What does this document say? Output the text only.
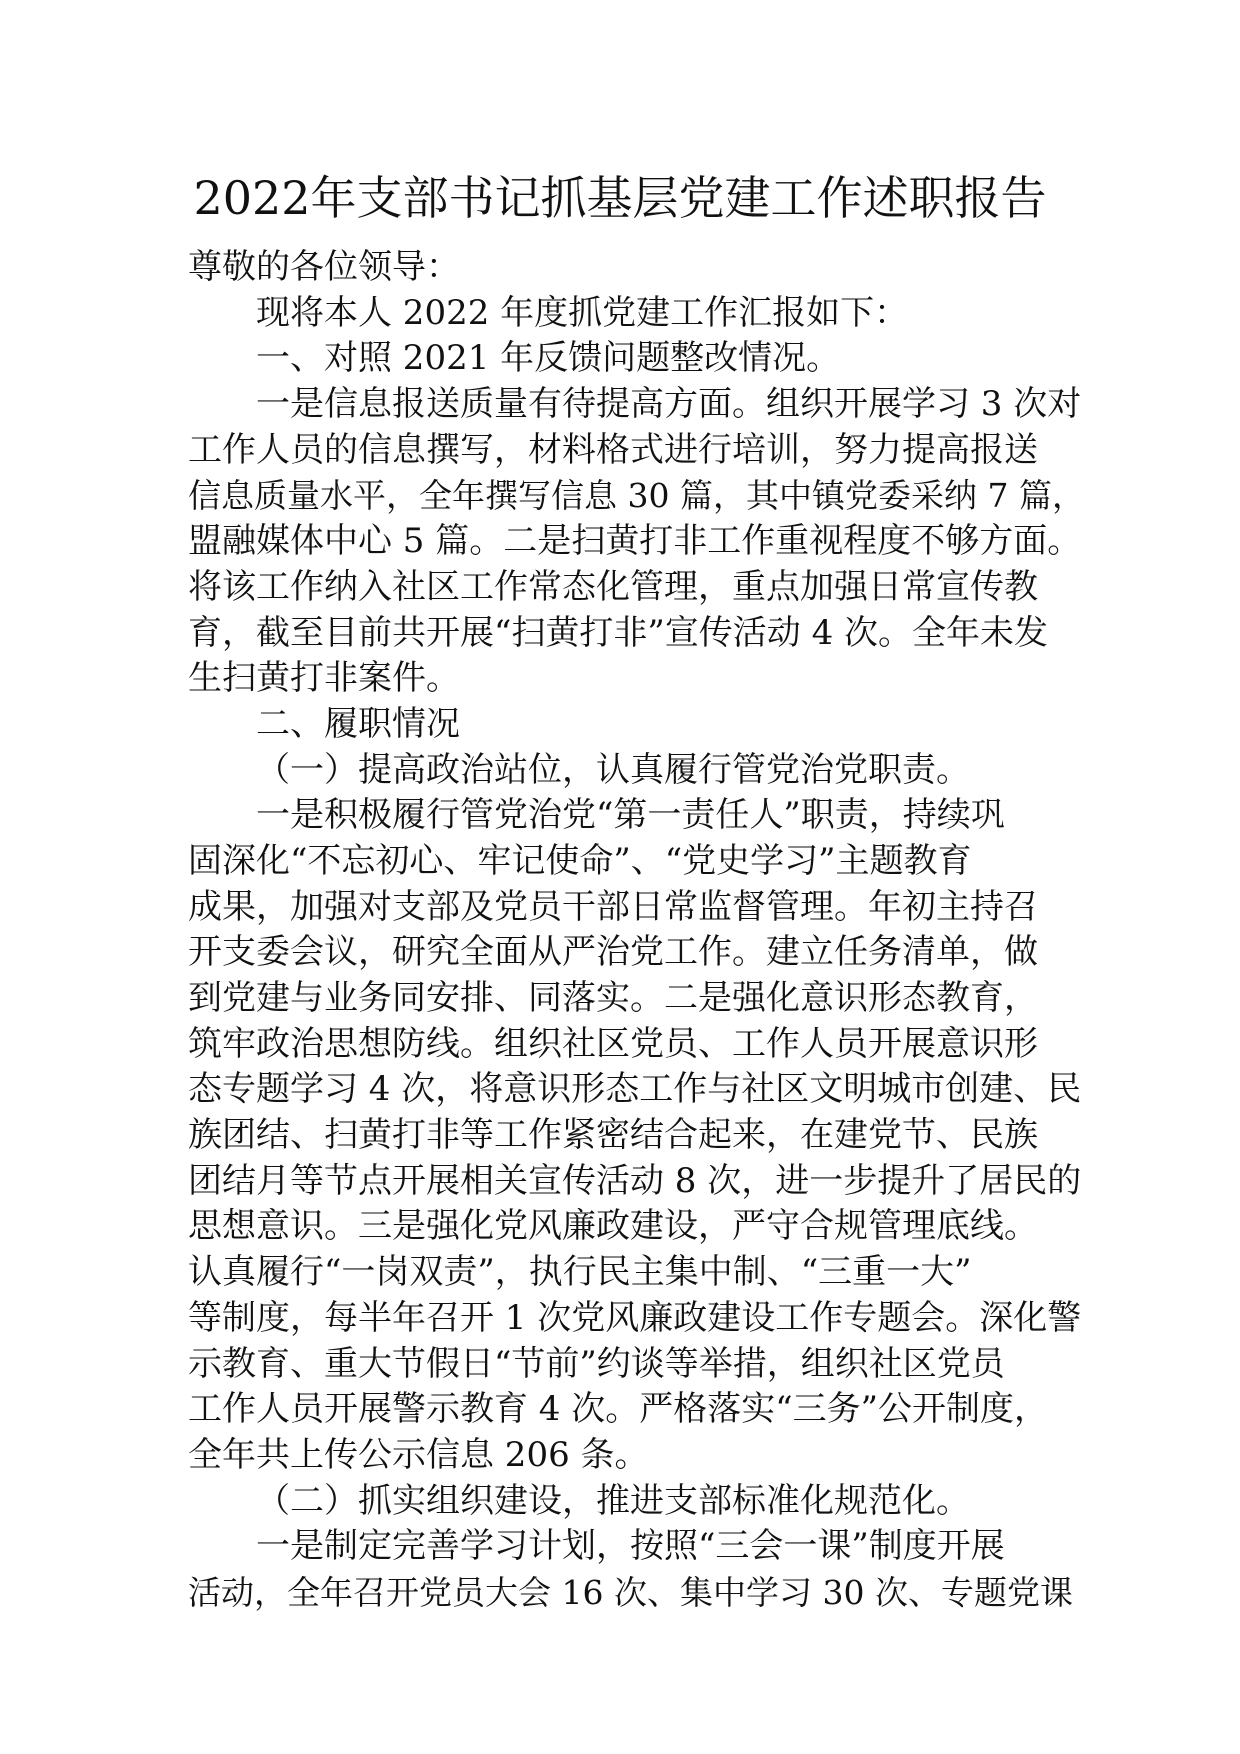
2022年支部书记抓基层党建工作述职报告
尊敬的各位领导：
现将本人 2022 年度抓党建工作汇报如下：
一、对照 2021 年反馈问题整改情况。
一是信息报送质量有待提高方面。组织开展学习 3 次对
工作人员的信息撰写，材料格式进行培训，努力提高报送
信息质量水平，全年撰写信息 30 篇，其中镇党委采纳 7 篇，
盟融媒体中心 5 篇。二是扫黄打非工作重视程度不够方面。
将该工作纳入社区工作常态化管理，重点加强日常宣传教
育，截至目前共开展“扫黄打非”宣传活动 4 次。全年未发
生扫黄打非案件。
二、履职情况
（一）提高政治站位，认真履行管党治党职责。
一是积极履行管党治党“第一责任人”职责，持续巩
固深化“不忘初心、牢记使命”、“党史学习”主题教育
成果，加强对支部及党员干部日常监督管理。年初主持召
开支委会议，研究全面从严治党工作。建立任务清单，做
到党建与业务同安排、同落实。二是强化意识形态教育，
筑牢政治思想防线。组织社区党员、工作人员开展意识形
态专题学习 4 次，将意识形态工作与社区文明城市创建、民
族团结、扫黄打非等工作紧密结合起来，在建党节、民族
团结月等节点开展相关宣传活动 8 次，进一步提升了居民的
思想意识。三是强化党风廉政建设，严守合规管理底线。
认真履行“一岗双责”，执行民主集中制、“三重一大”
等制度，每半年召开 1 次党风廉政建设工作专题会。深化警
示教育、重大节假日“节前”约谈等举措，组织社区党员
工作人员开展警示教育 4 次。严格落实“三务”公开制度，
全年共上传公示信息 206 条。
（二）抓实组织建设，推进支部标准化规范化。
一是制定完善学习计划，按照“三会一课”制度开展
活动，全年召开党员大会 16 次、集中学习 30 次、专题党课
